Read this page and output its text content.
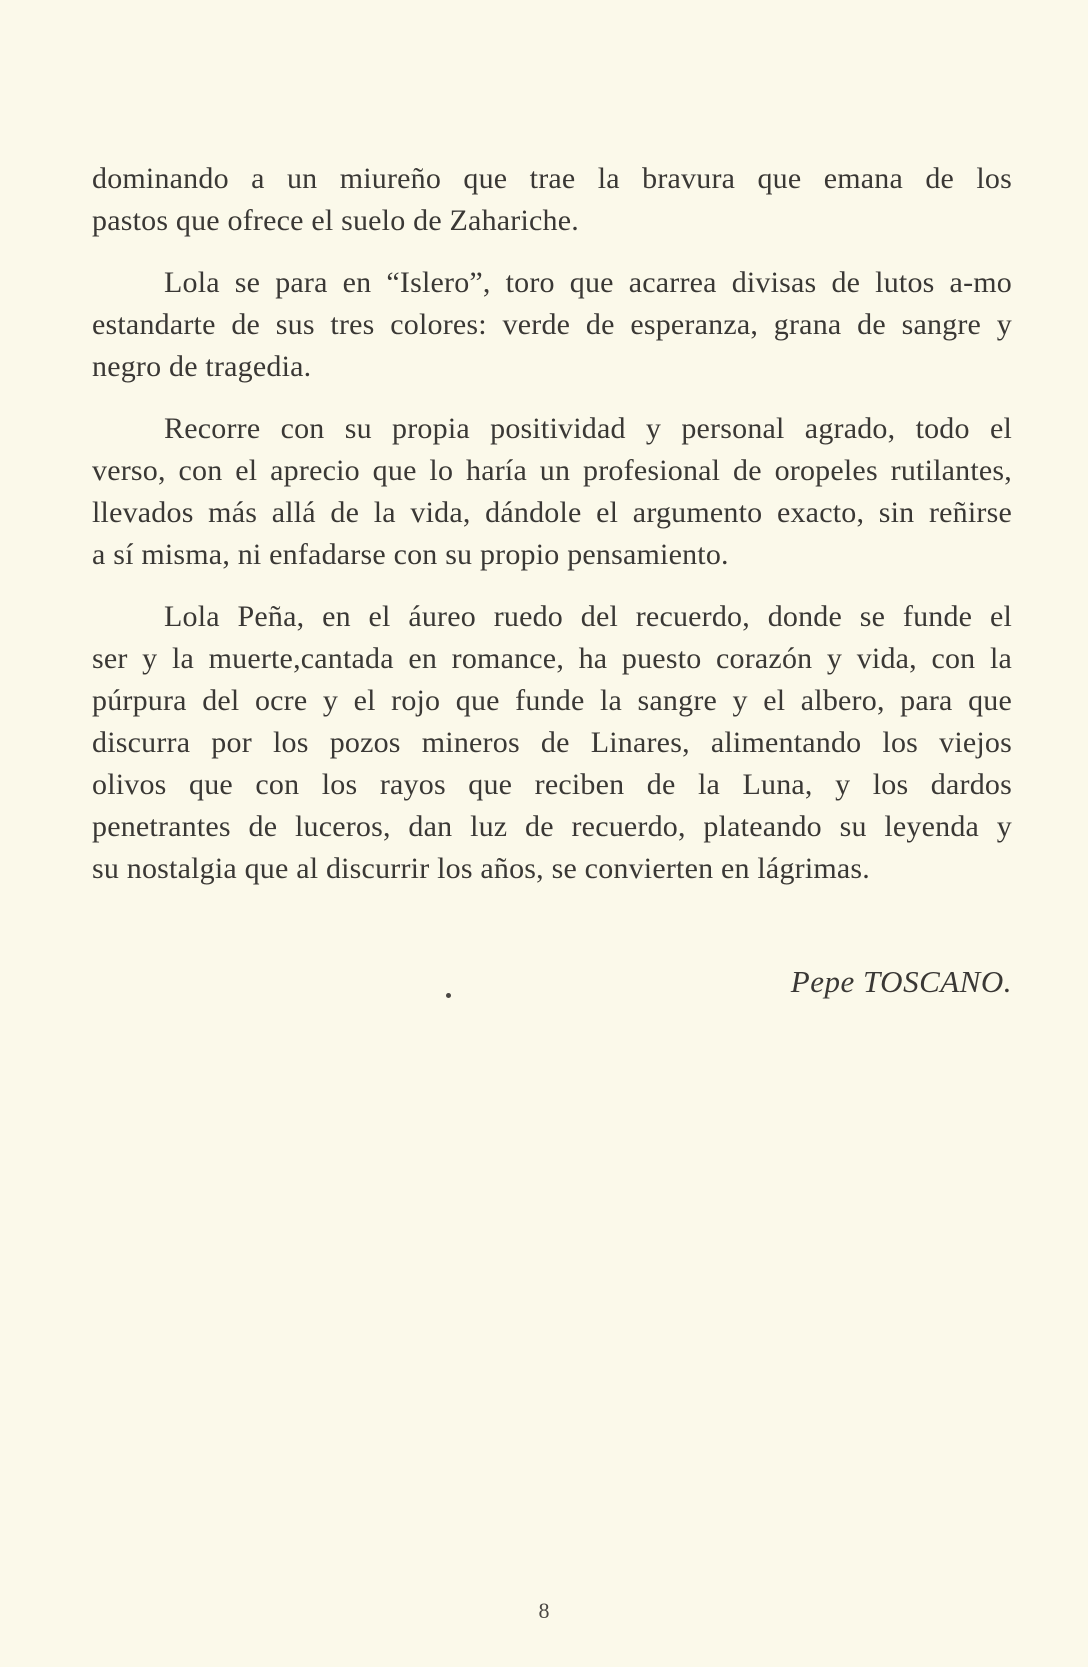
dominando a un miureño que trae la bravura que emana de los
pastos que ofrece el suelo de Zahariche.
Lola se para en “Islero”, toro que acarrea divisas de lutos a-mo
estandarte de sus tres colores: verde de esperanza, grana de sangre y
negro de tragedia.
Recorre con su propia positividad y personal agrado, todo el
verso, con el aprecio que lo haría un profesional de oropeles rutilantes,
llevados más allá de la vida, dándole el argumento exacto, sin reñirse
a sí misma, ni enfadarse con su propio pensamiento.
Lola Peña, en el áureo ruedo del recuerdo, donde se funde el
ser y la muerte,cantada en romance, ha puesto corazón y vida, con la
púrpura del ocre y el rojo que funde la sangre y el albero, para que
discurra por los pozos mineros de Linares, alimentando los viejos
olivos que con los rayos que reciben de la Luna, y los dardos
penetrantes de luceros, dan luz de recuerdo, plateando su leyenda y
su nostalgia que al discurrir los años, se convierten en lágrimas.
Pepe TOSCANO.
8
